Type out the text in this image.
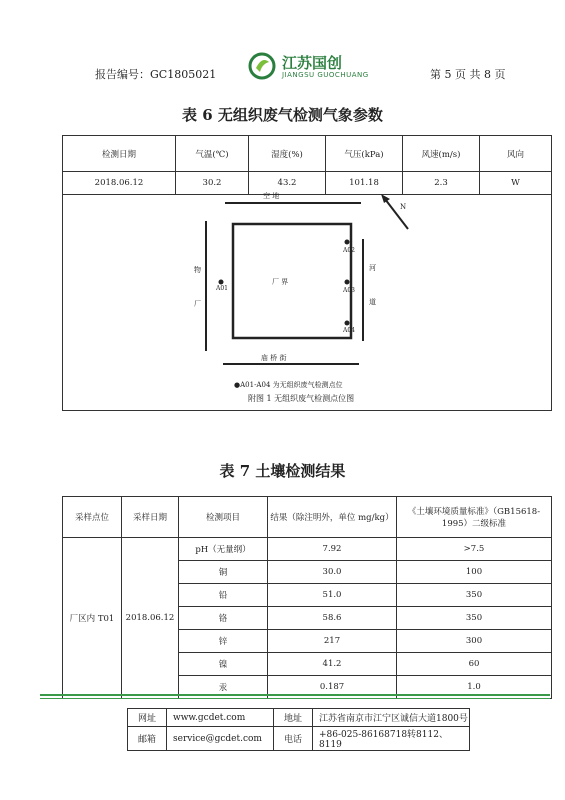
报告编号：GC1805021
江苏国创
JIANGSU GUOCHUANG	第 5 页 共 8 页
表 6 无组织废气检测气象参数
检测日期	气温(℃)	湿度(%)	气压(kPa)	风速(m/s)	风向
2018.06.12	30.2	43.2	101.18	2.3	W
N
空 地
庙 桥 街
物
厂
河
道
厂 界
A01
A02
A03
A04
●A01-A04 为无组织废气检测点位
附图 1 无组织废气检测点位图
表 7 土壤检测结果
采样点位	采样日期	检测项目	结果（除注明外，单位 mg/kg）	《土壤环境质量标准》（GB15618-1995）二级标准
厂区内 T01	2018.06.12	pH（无量纲）	7.92	>7.5
		铜	30.0	100
		铅	51.0	350
		铬	58.6	350
		锌	217	300
		镍	41.2	60
		汞	0.187	1.0
网址	www.gcdet.com	地址	江苏省南京市江宁区诚信大道1800号
邮箱	service@gcdet.com	电话	+86-025-86168718转8112、8119
